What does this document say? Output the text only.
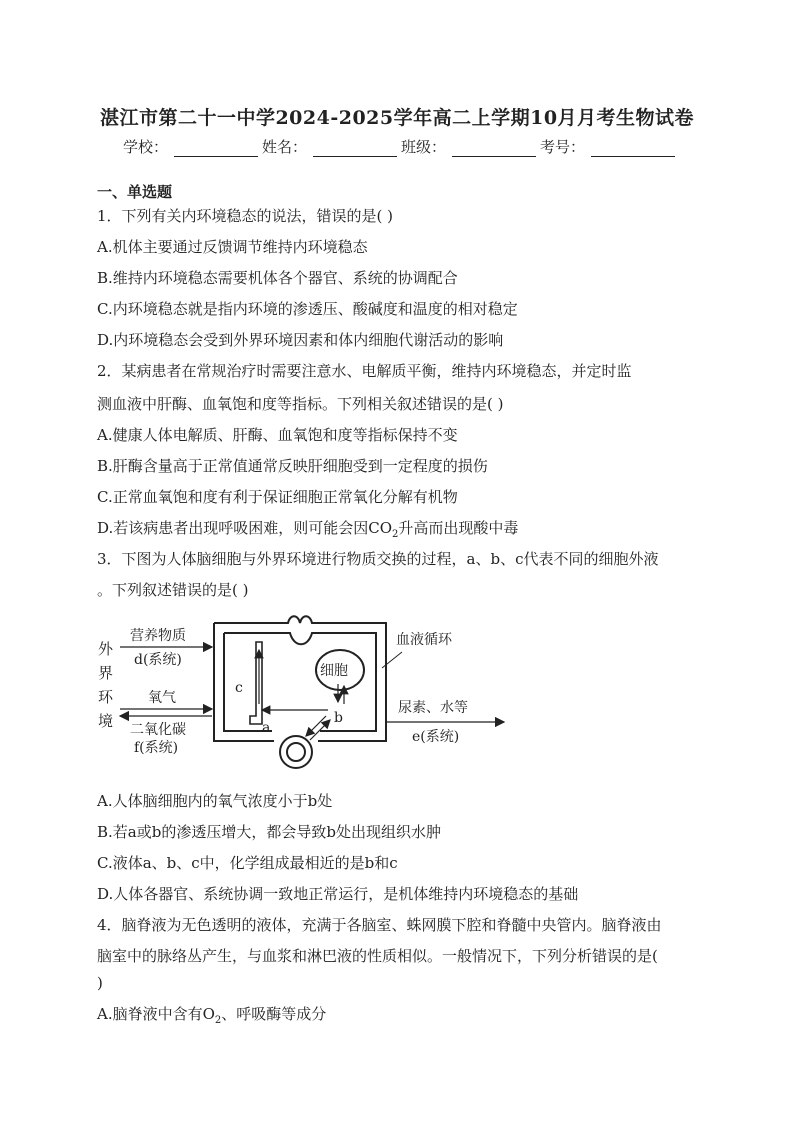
湛江市第二十一中学2024-2025学年高二上学期10月月考生物试卷
学校：	姓名：	班级：	考号：
一、单选题
1．下列有关内环境稳态的说法，错误的是( )
A.机体主要通过反馈调节维持内环境稳态
B.维持内环境稳态需要机体各个器官、系统的协调配合
C.内环境稳态就是指内环境的渗透压、酸碱度和温度的相对稳定
D.内环境稳态会受到外界环境因素和体内细胞代谢活动的影响
2．某病患者在常规治疗时需要注意水、电解质平衡，维持内环境稳态，并定时监
测血液中肝酶、血氧饱和度等指标。下列相关叙述错误的是( )
A.健康人体电解质、肝酶、血氧饱和度等指标保持不变
B.肝酶含量高于正常值通常反映肝细胞受到一定程度的损伤
C.正常血氧饱和度有利于保证细胞正常氧化分解有机物
D.若该病患者出现呼吸困难，则可能会因$CO_2$升高而出现酸中毒
3．下图为人体脑细胞与外界环境进行物质交换的过程，a、b、c代表不同的细胞外液
。下列叙述错误的是( )
外
界
环
境
营养物质
d(系统)
氧气
二氧化碳
f(系统)
c
a
细胞
b
血液循环
尿素、水等
e(系统)
A.人体脑细胞内的氧气浓度小于b处
B.若a或b的渗透压增大，都会导致b处出现组织水肿
C.液体a、b、c中，化学组成最相近的是b和c
D.人体各器官、系统协调一致地正常运行，是机体维持内环境稳态的基础
4．脑脊液为无色透明的液体，充满于各脑室、蛛网膜下腔和脊髓中央管内。脑脊液由
脑室中的脉络丛产生，与血浆和淋巴液的性质相似。一般情况下，下列分析错误的是(
)
A.脑脊液中含有$O_2$、呼吸酶等成分
